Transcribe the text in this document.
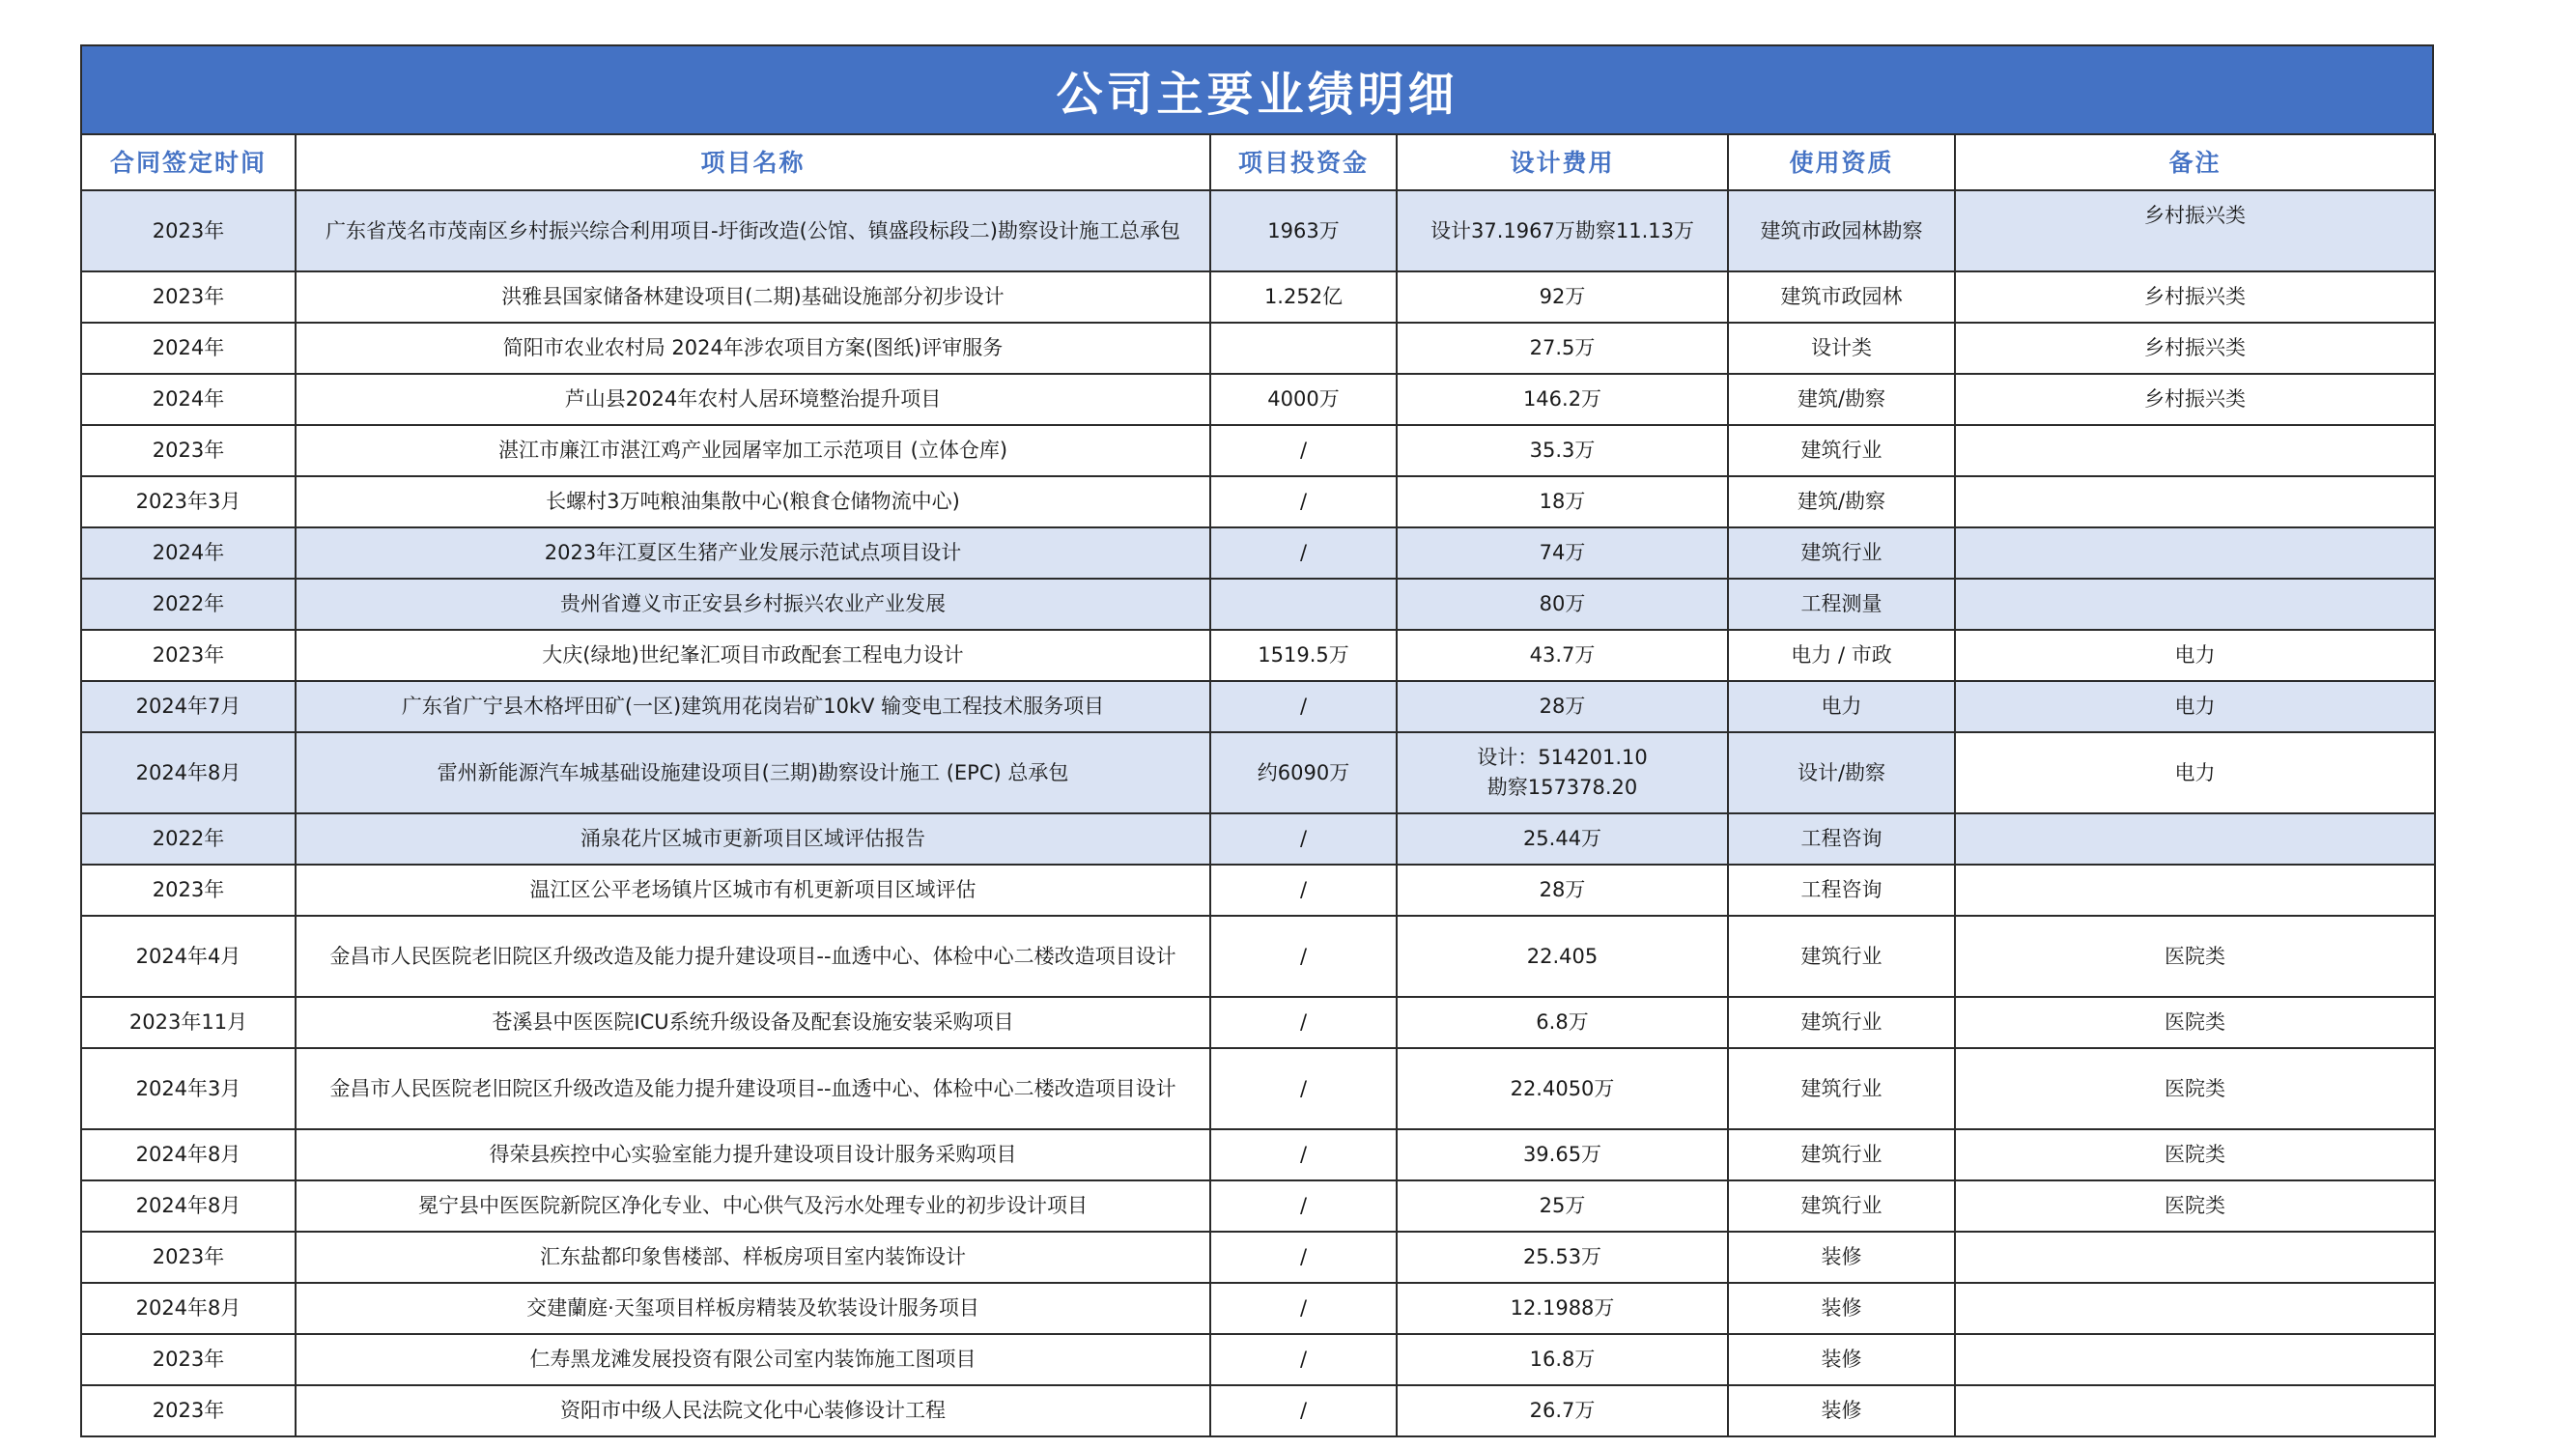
公司主要业绩明细
合同签定时间	项目名称	项目投资金	设计费用	使用资质	备注
2023年	广东省茂名市茂南区乡村振兴综合利用项目-圩街改造(公馆、镇盛段标段二)勘察设计施工总承包	1963万	设计37.1967万勘察11.13万	建筑市政园林勘察	乡村振兴类
2023年	洪雅县国家储备林建设项目(二期)基础设施部分初步设计	1.252亿	92万	建筑市政园林	乡村振兴类
2024年	简阳市农业农村局 2024年涉农项目方案(图纸)评审服务		27.5万	设计类	乡村振兴类
2024年	芦山县2024年农村人居环境整治提升项目	4000万	146.2万	建筑/勘察	乡村振兴类
2023年	湛江市廉江市湛江鸡产业园屠宰加工示范项目 (立体仓库)	/	35.3万	建筑行业	
2023年3月	长螺村3万吨粮油集散中心(粮食仓储物流中心)	/	18万	建筑/勘察	
2024年	2023年江夏区生猪产业发展示范试点项目设计	/	74万	建筑行业	
2022年	贵州省遵义市正安县乡村振兴农业产业发展		80万	工程测量	
2023年	大庆(绿地)世纪峯汇项目市政配套工程电力设计	1519.5万	43.7万	电力 / 市政	电力
2024年7月	广东省广宁县木格坪田矿(一区)建筑用花岗岩矿10kV 输变电工程技术服务项目	/	28万	电力	电力
2024年8月	雷州新能源汽车城基础设施建设项目(三期)勘察设计施工 (EPC) 总承包	约6090万	设计：514201.10
勘察157378.20	设计/勘察	电力
2022年	涌泉花片区城市更新项目区域评估报告	/	25.44万	工程咨询	
2023年	温江区公平老场镇片区城市有机更新项目区域评估	/	28万	工程咨询	
2024年4月	金昌市人民医院老旧院区升级改造及能力提升建设项目--血透中心、体检中心二楼改造项目设计	/	22.405	建筑行业	医院类
2023年11月	苍溪县中医医院ICU系统升级设备及配套设施安装采购项目	/	6.8万	建筑行业	医院类
2024年3月	金昌市人民医院老旧院区升级改造及能力提升建设项目--血透中心、体检中心二楼改造项目设计	/	22.4050万	建筑行业	医院类
2024年8月	得荣县疾控中心实验室能力提升建设项目设计服务采购项目	/	39.65万	建筑行业	医院类
2024年8月	冕宁县中医医院新院区净化专业、中心供气及污水处理专业的初步设计项目	/	25万	建筑行业	医院类
2023年	汇东盐都印象售楼部、样板房项目室内装饰设计	/	25.53万	装修	
2024年8月	交建蘭庭·天玺项目样板房精装及软装设计服务项目	/	12.1988万	装修	
2023年	仁寿黑龙滩发展投资有限公司室内装饰施工图项目	/	16.8万	装修	
2023年	资阳市中级人民法院文化中心装修设计工程	/	26.7万	装修	
